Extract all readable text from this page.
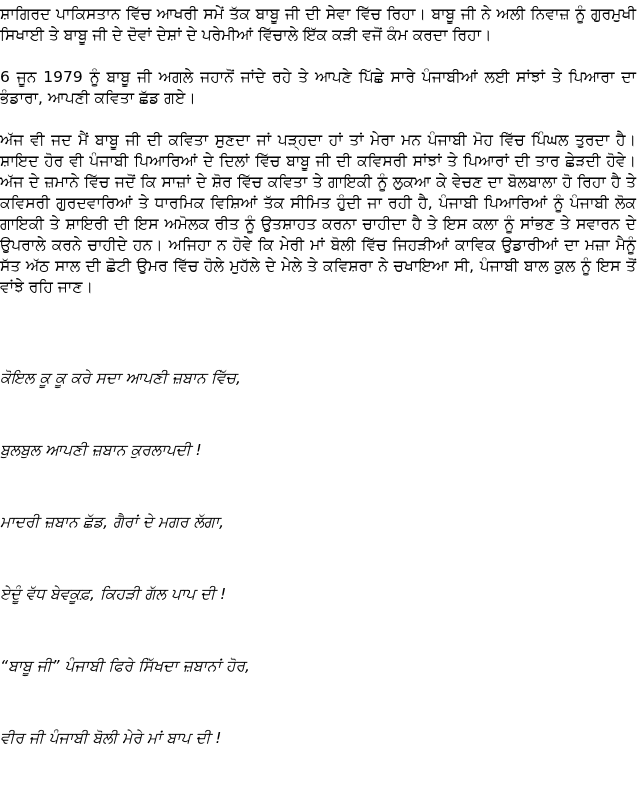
ਸ਼ਾਗਿਰਦ ਪਾਕਿਸਤਾਨ ਵਿੱਚ ਆਖਰੀ ਸਮੇਂ ਤੱਕ ਬਾਬੂ ਜੀ ਦੀ ਸੇਵਾ ਵਿੱਚ ਰਿਹਾ। ਬਾਬੂ ਜੀ ਨੇ ਅਲੀ ਨਿਵਾਜ਼ ਨੂੰ ਗੁਰਮੁਖੀ ਸਿਖਾਈ ਤੇ ਬਾਬੂ ਜੀ ਦੇ ਦੋਵਾਂ ਦੇਸ਼ਾਂ ਦੇ ਪਰੇਮੀਆਂ ਵਿੱਚਾਲੇ ਇੱਕ ਕੜੀ ਵਜੋਂ ਕੰਮ ਕਰਦਾ ਰਿਹਾ।

6 ਜੂਨ 1979 ਨੂੰ ਬਾਬੂ ਜੀ ਅਗਲੇ ਜਹਾਨੋਂ ਜਾਂਦੇ ਰਹੇ ਤੇ ਆਪਣੇ ਪਿੱਛੇ ਸਾਰੇ ਪੰਜਾਬੀਆਂ ਲਈ ਸਾਂਝਾਂ ਤੇ ਪਿਆਰਾ ਦਾ ਭੰਡਾਰਾ, ਆਪਣੀ ਕਵਿਤਾ ਛੱਡ ਗਏ।

ਅੱਜ ਵੀ ਜਦ ਮੈਂ ਬਾਬੂ ਜੀ ਦੀ ਕਵਿਤਾ ਸੁਣਦਾ ਜਾਂ ਪੜ੍ਹਦਾ ਹਾਂ ਤਾਂ ਮੇਰਾ ਮਨ ਪੰਜਾਬੀ ਮੋਹ ਵਿੱਚ ਪਿੰਘਲ ਤੁਰਦਾ ਹੈ। ਸ਼ਾਇਦ ਹੋਰ ਵੀ ਪੰਜਾਬੀ ਪਿਆਰਿਆਂ ਦੇ ਦਿਲਾਂ ਵਿੱਚ ਬਾਬੂ ਜੀ ਦੀ ਕਵਿਸਰੀ ਸਾਂਝਾਂ ਤੇ ਪਿਆਰਾਂ ਦੀ ਤਾਰ ਛੇੜਦੀ ਹੋਵੇ। ਅੱਜ ਦੇ ਜ਼ਮਾਨੇ ਵਿੱਚ ਜਦੋਂ ਕਿ ਸਾਜ਼ਾਂ ਦੇ ਸ਼ੋਰ ਵਿੱਚ ਕਵਿਤਾ ਤੇ ਗਾਇਕੀ ਨੂੰ ਲੁਕਆ ਕੇ ਵੇਚਣ ਦਾ ਬੋਲਬਾਲਾ ਹੋ ਰਿਹਾ ਹੈ ਤੇ ਕਵਿਸਰੀ ਗੁਰਦਵਾਰਿਆਂ ਤੇ ਧਾਰਮਿਕ ਵਿਸ਼ਿਆਂ ਤੱਕ ਸੀਮਿਤ ਹੁੰਦੀ ਜਾ ਰਹੀ ਹੈ, ਪੰਜਾਬੀ ਪਿਆਰਿਆਂ ਨੂੰ ਪੰਜਾਬੀ ਲੋਕ ਗਾਇਕੀ ਤੇ ਸ਼ਾਇਰੀ ਦੀ ਇਸ ਅਮੋਲਕ ਰੀਤ ਨੂੰ ਉਤਸ਼ਾਹਤ ਕਰਨਾ ਚਾਹੀਦਾ ਹੈ ਤੇ ਇਸ ਕਲਾ ਨੂੰ ਸਾਂਭਣ ਤੇ ਸਵਾਰਨ ਦੇ ਉਪਰਾਲੇ ਕਰਨੇ ਚਾਹੀਦੇ ਹਨ। ਅਜਿਹਾ ਨ ਹੋਵੇ ਕਿ ਮੇਰੀ ਮਾਂ ਬੋਲੀ ਵਿੱਚ ਜਿਹੜੀਆਂ ਕਾਵਿਕ ਉਡਾਰੀਆਂ ਦਾ ਮਜ਼ਾ ਮੈਨੂੰ ਸੱਤ ਅੱਠ ਸਾਲ ਦੀ ਛੋਟੀ ਉਮਰ ਵਿੱਚ ਹੋਲੇ ਮੁਹੱਲੇ ਦੇ ਮੇਲੇ ਤੇ ਕਵਿਸ਼ਰਾ ਨੇ ਚਖਾਇਆ ਸੀ, ਪੰਜਾਬੀ ਬਾਲ ਕੁਲ ਨੂੰ ਇਸ ਤੋਂ ਵਾਂਝੇ ਰਹਿ ਜਾਣ।

ਕੋਇਲ ਕੂ ਕੂ ਕਰੇ ਸਦਾ ਆਪਣੀ ਜ਼ਬਾਨ ਵਿੱਚ,

ਬੁਲਬੁਲ ਆਪਣੀ ਜ਼ਬਾਨ ਕੁਰਲਾਪਦੀ !

ਮਾਦਰੀ ਜ਼ਬਾਨ ਛੱਡ, ਗੈਰਾਂ ਦੇ ਮਗਰ ਲੱਗਾ,

ਏਦੂੰ ਵੱਧ ਬੇਵਕੂਫ਼, ਕਿਹੜੀ ਗੱਲ ਪਾਪ ਦੀ !

“ਬਾਬੂ ਜੀ” ਪੰਜਾਬੀ ਫਿਰੇ ਸਿੱਖਦਾ ਜ਼ਬਾਨਾਂ ਹੋਰ,

ਵੀਰ ਜੀ ਪੰਜਾਬੀ ਬੋਲੀ ਮੇਰੇ ਮਾਂ ਬਾਪ ਦੀ !
